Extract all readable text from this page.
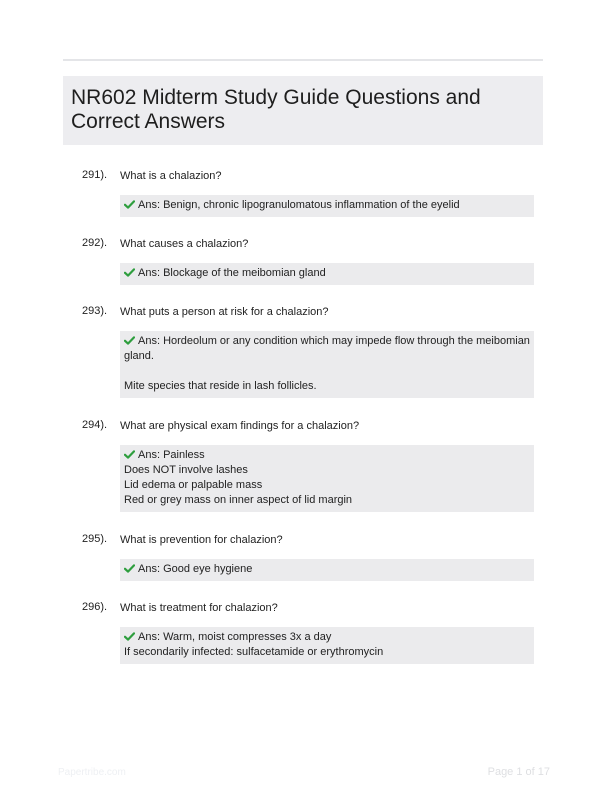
NR602 Midterm Study Guide Questions and Correct Answers
291). What is a chalazion?
Ans: Benign, chronic lipogranulomatous inflammation of the eyelid
292). What causes a chalazion?
Ans: Blockage of the meibomian gland
293). What puts a person at risk for a chalazion?
Ans: Hordeolum or any condition which may impede flow through the meibomian gland.
Mite species that reside in lash follicles.
294). What are physical exam findings for a chalazion?
Ans: Painless
Does NOT involve lashes
Lid edema or palpable mass
Red or grey mass on inner aspect of lid margin
295). What is prevention for chalazion?
Ans: Good eye hygiene
296). What is treatment for chalazion?
Ans: Warm, moist compresses 3x a day
If secondarily infected: sulfacetamide or erythromycin
Papertribe.com	Page 1 of 17
